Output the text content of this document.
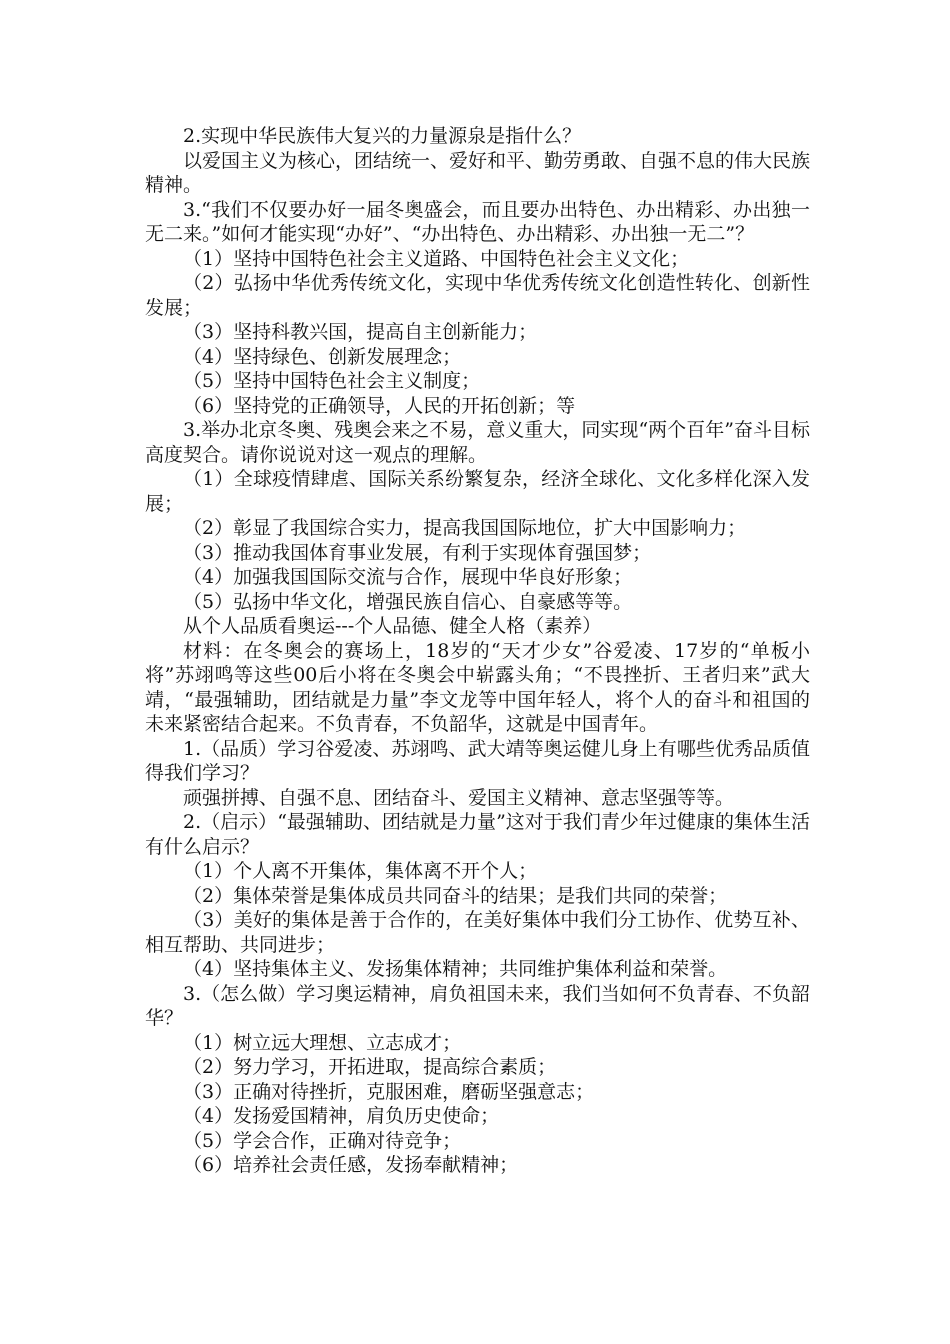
2.实现中华民族伟大复兴的力量源泉是指什么？

以爱国主义为核心，团结统一、爱好和平、勤劳勇敢、自强不息的伟大民族精神。

3.“我们不仅要办好一届冬奥盛会，而且要办出特色、办出精彩、办出独一无二来。”如何才能实现“办好”、“办出特色、办出精彩、办出独一无二”？

（1）坚持中国特色社会主义道路、中国特色社会主义文化；

（2）弘扬中华优秀传统文化，实现中华优秀传统文化创造性转化、创新性发展；

（3）坚持科教兴国，提高自主创新能力；

（4）坚持绿色、创新发展理念；

（5）坚持中国特色社会主义制度；

（6）坚持党的正确领导，人民的开拓创新；等

3.举办北京冬奥、残奥会来之不易，意义重大，同实现“两个百年”奋斗目标高度契合。请你说说对这一观点的理解。

（1）全球疫情肆虐、国际关系纷繁复杂，经济全球化、文化多样化深入发展；

（2）彰显了我国综合实力，提高我国国际地位，扩大中国影响力；

（3）推动我国体育事业发展，有利于实现体育强国梦；

（4）加强我国国际交流与合作，展现中华良好形象；

（5）弘扬中华文化，增强民族自信心、自豪感等等。

从个人品质看奥运---个人品德、健全人格（素养）

材料：在冬奥会的赛场上，18岁的“天才少女”谷爱凌、17岁的“单板小将”苏翊鸣等这些00后小将在冬奥会中崭露头角；“不畏挫折、王者归来”武大靖，“最强辅助，团结就是力量”李文龙等中国年轻人，将个人的奋斗和祖国的未来紧密结合起来。不负青春，不负韶华，这就是中国青年。

1.（品质）学习谷爱凌、苏翊鸣、武大靖等奥运健儿身上有哪些优秀品质值得我们学习？

顽强拼搏、自强不息、团结奋斗、爱国主义精神、意志坚强等等。

2.（启示）“最强辅助、团结就是力量”这对于我们青少年过健康的集体生活有什么启示？

（1）个人离不开集体，集体离不开个人；

（2）集体荣誉是集体成员共同奋斗的结果；是我们共同的荣誉；

（3）美好的集体是善于合作的，在美好集体中我们分工协作、优势互补、相互帮助、共同进步；

（4）坚持集体主义、发扬集体精神；共同维护集体利益和荣誉。

3.（怎么做）学习奥运精神，肩负祖国未来，我们当如何不负青春、不负韶华？

（1）树立远大理想、立志成才；

（2）努力学习，开拓进取，提高综合素质；

（3）正确对待挫折，克服困难，磨砺坚强意志；

（4）发扬爱国精神，肩负历史使命；

（5）学会合作，正确对待竞争；

（6）培养社会责任感，发扬奉献精神；
